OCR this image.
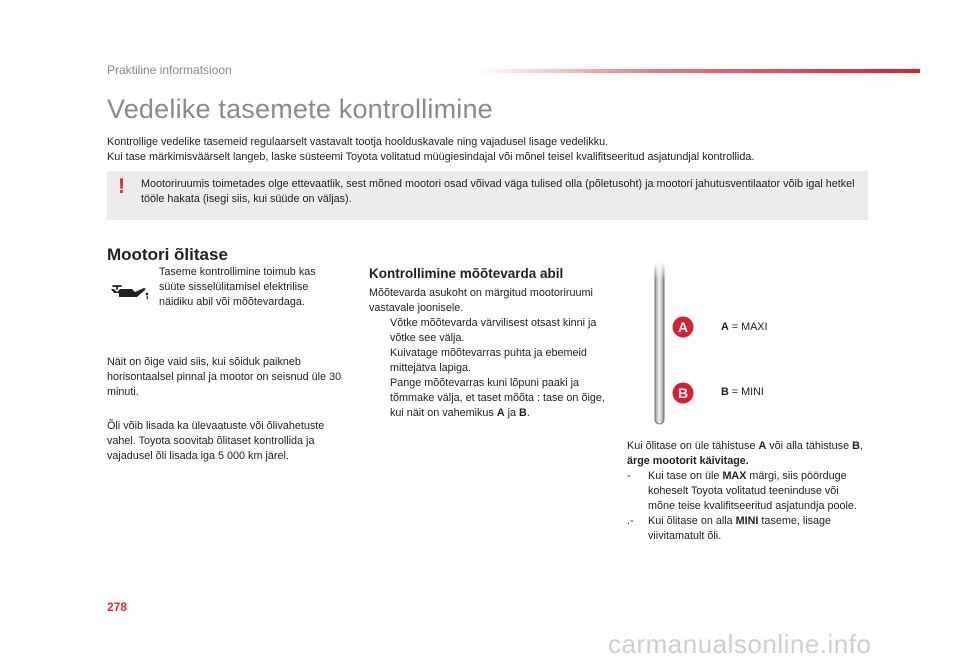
Praktiline informatsioon
Vedelike tasemete kontrollimine
Kontrollige vedelike tasemeid regulaarselt vastavalt tootja hoolduskavale ning vajadusel lisage vedelikku.
Kui tase märkimisväärselt langeb, laske süsteemi Toyota volitatud müügiesindajal või mõnel teisel kvalifitseeritud asjatundjal kontrollida.
! Mootoriruumis toimetades olge ettevaatlik, sest mõned mootori osad võivad väga tulised olla (põletusoht) ja mootori jahutusventilaator võib igal hetkel tööle hakata (isegi siis, kui süüde on väljas).
Mootori õlitase
Taseme kontrollimine toimub kas süüte sisselülitamisel elektrilise näidiku abil või mõõtevardaga.
Näit on õige vaid siis, kui sõiduk paikneb horisontaalsel pinnal ja mootor on seisnud üle 30 minuti.
Õli võib lisada ka ülevaatuste või õlivahetuste vahel. Toyota soovitab õlitaset kontrollida ja vajadusel õli lisada iga 5 000 km järel.
Kontrollimine mõõtevarda abil
Mõõtevarda asukoht on märgitud mootoriruumi vastavale joonisele.
Võtke mõõtevarda värvilisest otsast kinni ja võtke see välja.
Kuivatage mõõtevarras puhta ja ebemeid mittejätva lapiga.
Pange mõõtevarras kuni lõpuni paaki ja tõmmake välja, et taset mõõta : tase on õige, kui näit on vahemikus A ja B.
A
B
A = MAXI
B = MINI
Kui õlitase on üle tähistuse A või alla tähistuse B, ärge mootorit käivitage.
- Kui tase on üle MAX märgi, siis pöörduge koheselt Toyota volitatud teeninduse või mõne teise kvalifitseeritud asjatundja poole.
.- Kui õlitase on alla MINI taseme, lisage viivitamatult õli.
278
carmanualsonline.info
